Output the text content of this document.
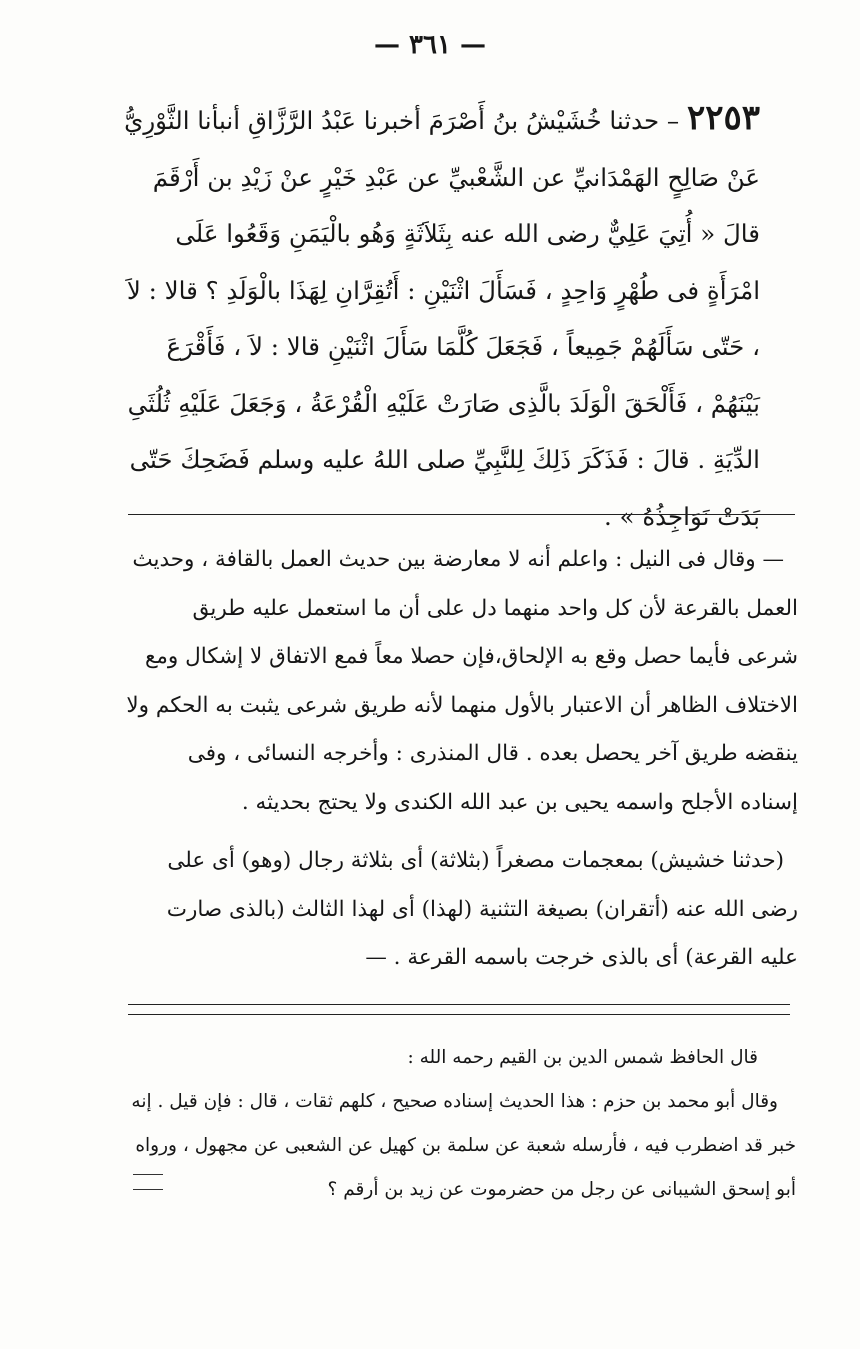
— ٣٦١ —
٢٢٥٣ – حدثنا خُشَيْشُ بنُ أَصْرَمَ أخبرنا عَبْدُ الرَّزَّاقِ أنبأنا الثَّوْرِيُّ عَنْ صَالِحٍ الهَمْدَانيِّ عن الشَّعْبيِّ عن عَبْدِ خَيْرٍ عنْ زَيْدِ بن أَرْقَمَ قالَ « أُتِيَ عَلِيٌّ رضى الله عنه بِثَلاَثَةٍ وَهُو بالْيَمَنِ وَقَعُوا عَلَى امْرَأَةٍ فى طُهْرٍ وَاحِدٍ ، فَسَأَلَ اثْنَيْنِ : أَتُقِرَّانِ لِهَذَا بالْوَلَدِ ؟ قالا : لاَ ، حَتّى سَأَلَهُمْ جَمِيعاً ، فَجَعَلَ كُلَّمَا سَأَلَ اثْنَيْنِ قالا : لاَ ، فَأَقْرَعَ بَيْنَهُمْ ، فَأَلْحَقَ الْوَلَدَ بالَّذِى صَارَتْ عَلَيْهِ الْقُرْعَةُ ، وَجَعَلَ عَلَيْهِ ثُلُثَىِ الدِّيَةِ . قالَ : فَذَكَرَ ذَلِكَ لِلنَّبِيِّ صلى اللهُ عليه وسلم فَضَحِكَ حَتّى بَدَتْ نَوَاجِذُهُ » .

— وقال فى النيل : واعلم أنه لا معارضة بين حديث العمل بالقافة ، وحديث العمل بالقرعة لأن كل واحد منهما دل على أن ما استعمل عليه طريق شرعى فأيما حصل وقع به الإلحاق،فإن حصلا معاً فمع الاتفاق لا إشكال ومع الاختلاف الظاهر أن الاعتبار بالأول منهما لأنه طريق شرعى يثبت به الحكم ولا ينقضه طريق آخر يحصل بعده . قال المنذرى : وأخرجه النسائى ، وفى إسناده الأجلح واسمه يحيى بن عبد الله الكندى ولا يحتج بحديثه .

(حدثنا خشيش) بمعجمات مصغراً (بثلاثة) أى بثلاثة رجال (وهو) أى على رضى الله عنه (أتقران) بصيغة التثنية (لهذا) أى لهذا الثالث (بالذى صارت عليه القرعة) أى بالذى خرجت باسمه القرعة . —

قال الحافظ شمس الدين بن القيم رحمه الله :

وقال أبو محمد بن حزم : هذا الحديث إسناده صحيح ، كلهم ثقات ، قال : فإن قيل . إنه خبر قد اضطرب فيه ، فأرسله شعبة عن سلمة بن كهيل عن الشعبى عن مجهول ، ورواه أبو إسحق الشيبانى عن رجل من حضرموت عن زيد بن أرقم ؟
